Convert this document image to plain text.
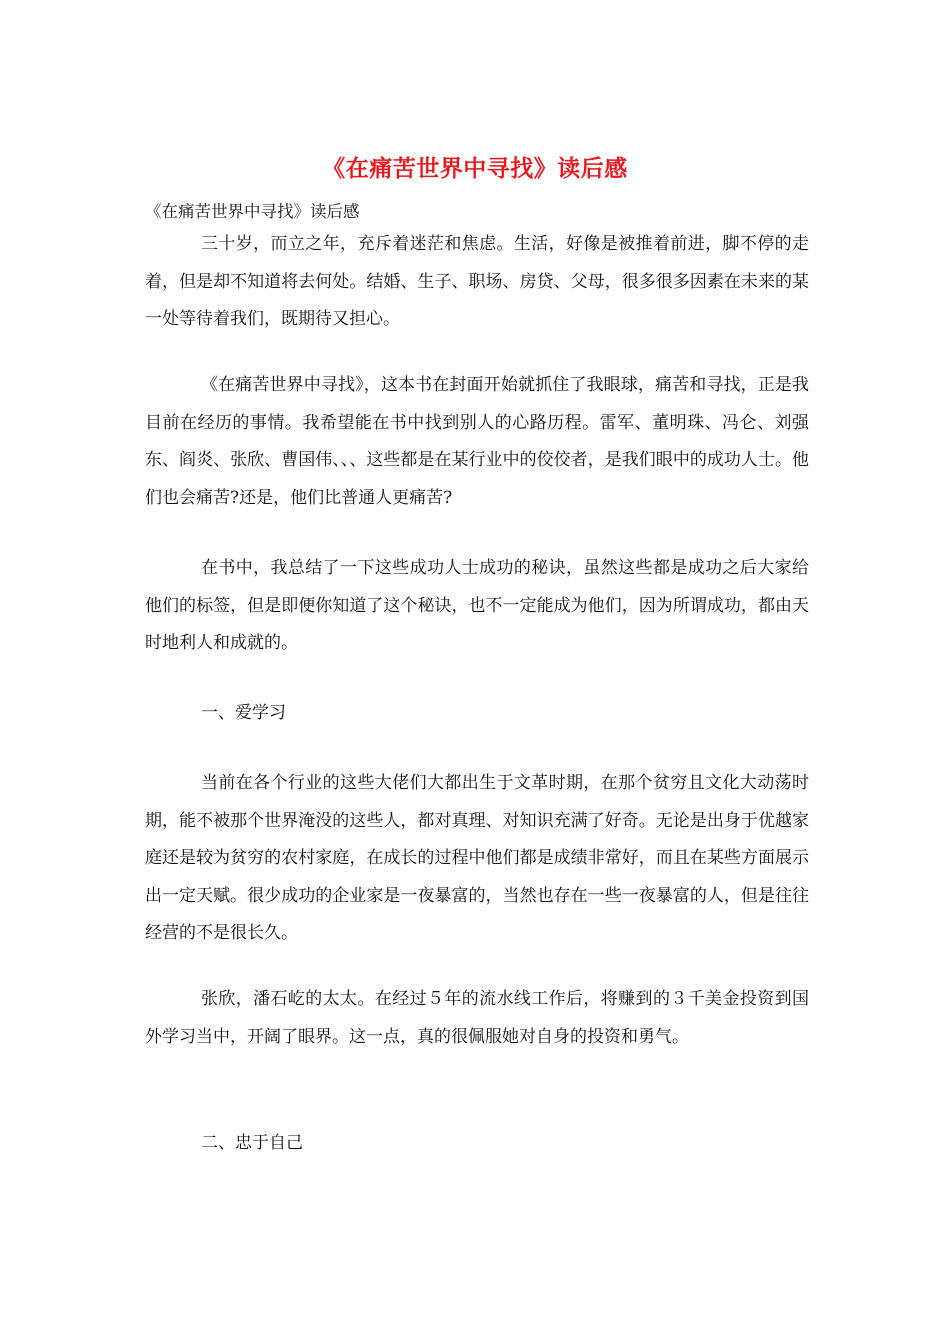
《在痛苦世界中寻找》读后感
《在痛苦世界中寻找》读后感

三十岁，而立之年，充斥着迷茫和焦虑。生活，好像是被推着前进，脚不停的走着，但是却不知道将去何处。结婚、生子、职场、房贷、父母，很多很多因素在未来的某一处等待着我们，既期待又担心。

《在痛苦世界中寻找》，这本书在封面开始就抓住了我眼球，痛苦和寻找，正是我目前在经历的事情。我希望能在书中找到别人的心路历程。雷军、董明珠、冯仑、刘强东、阎炎、张欣、曹国伟、、、这些都是在某行业中的佼佼者，是我们眼中的成功人士。他们也会痛苦?还是，他们比普通人更痛苦?

在书中，我总结了一下这些成功人士成功的秘诀，虽然这些都是成功之后大家给他们的标签，但是即便你知道了这个秘诀，也不一定能成为他们，因为所谓成功，都由天时地利人和成就的。

一、爱学习

当前在各个行业的这些大佬们大都出生于文革时期，在那个贫穷且文化大动荡时期，能不被那个世界淹没的这些人，都对真理、对知识充满了好奇。无论是出身于优越家庭还是较为贫穷的农村家庭，在成长的过程中他们都是成绩非常好，而且在某些方面展示出一定天赋。很少成功的企业家是一夜暴富的，当然也存在一些一夜暴富的人，但是往往经营的不是很长久。

张欣，潘石屹的太太。在经过５年的流水线工作后，将赚到的３千美金投资到国外学习当中，开阔了眼界。这一点，真的很佩服她对自身的投资和勇气。

二、忠于自己
